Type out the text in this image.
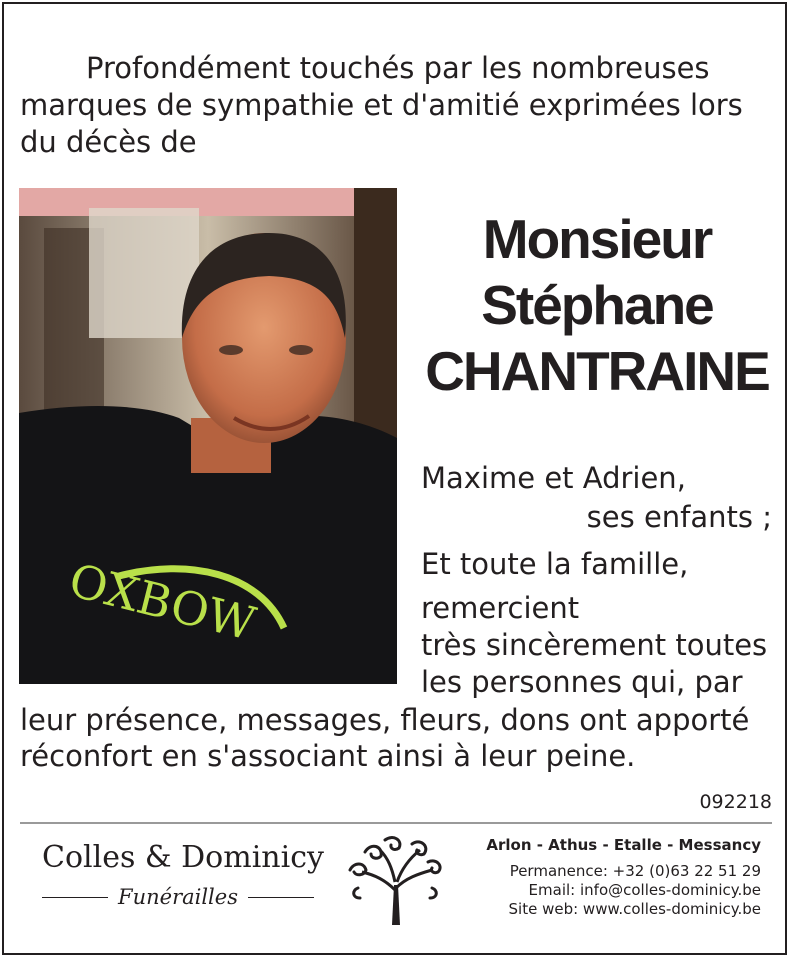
Profondément touchés par les nombreuses
marques de sympathie et d'amitié exprimées lors
du décès de
OXBOW
Monsieur
Stéphane
CHANTRAINE
Maxime et Adrien,
ses enfants ;
Et toute la famille,
remercient
très sincèrement toutes
les personnes qui, par
leur présence, messages, fleurs, dons ont apporté
réconfort en s'associant ainsi à leur peine.
092218
Colles & Dominicy
Funérailles
Arlon - Athus - Etalle - Messancy
Permanence: +32 (0)63 22 51 29
Email: info@colles-dominicy.be
Site web: www.colles-dominicy.be
